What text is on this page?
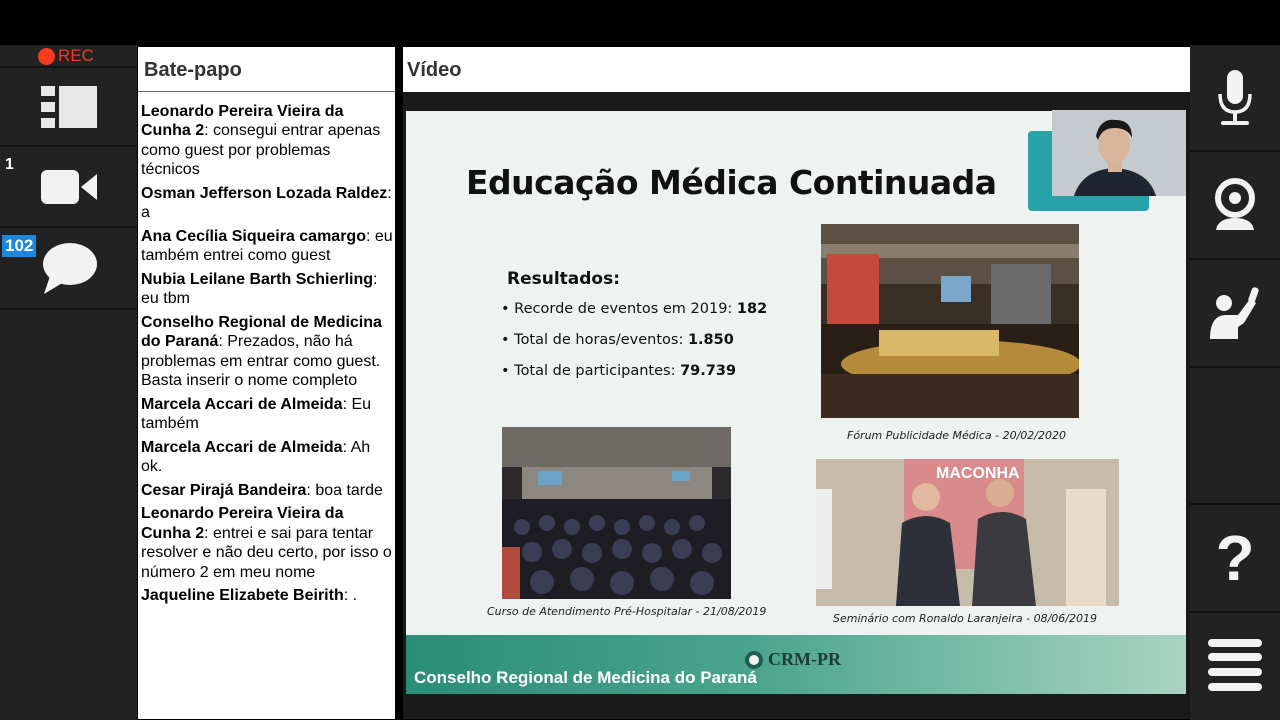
REC
1
102
Leonardo Pereira Vieira da Cunha 2: consegui entrar apenas como guest por problemas técnicos
Osman Jefferson Lozada Raldez: a
Ana Cecília Siqueira camargo: eu também entrei como guest
Nubia Leilane Barth Schierling: eu tbm
Conselho Regional de Medicina do Paraná: Prezados, não há problemas em entrar como guest. Basta inserir o nome completo
Marcela Accari de Almeida: Eu também
Marcela Accari de Almeida: Ah ok.
Cesar Pirajá Bandeira: boa tarde
Leonardo Pereira Vieira da Cunha 2: entrei e sai para tentar resolver e não deu certo, por isso o número 2 em meu nome
Jaqueline Elizabete Beirith: .
Bate-papo	Vídeo
Educação Médica Continuada
Resultados:
• Recorde de eventos em 2019: 182
• Total de horas/eventos: 1.850
• Total de participantes: 79.739
Fórum Publicidade Médica - 20/02/2020
Curso de Atendimento Pré-Hospitalar - 21/08/2019
MACONHA
Seminário com Ronaldo Laranjeira - 08/06/2019
CRM-PR
Conselho Regional de Medicina do Paraná
?
